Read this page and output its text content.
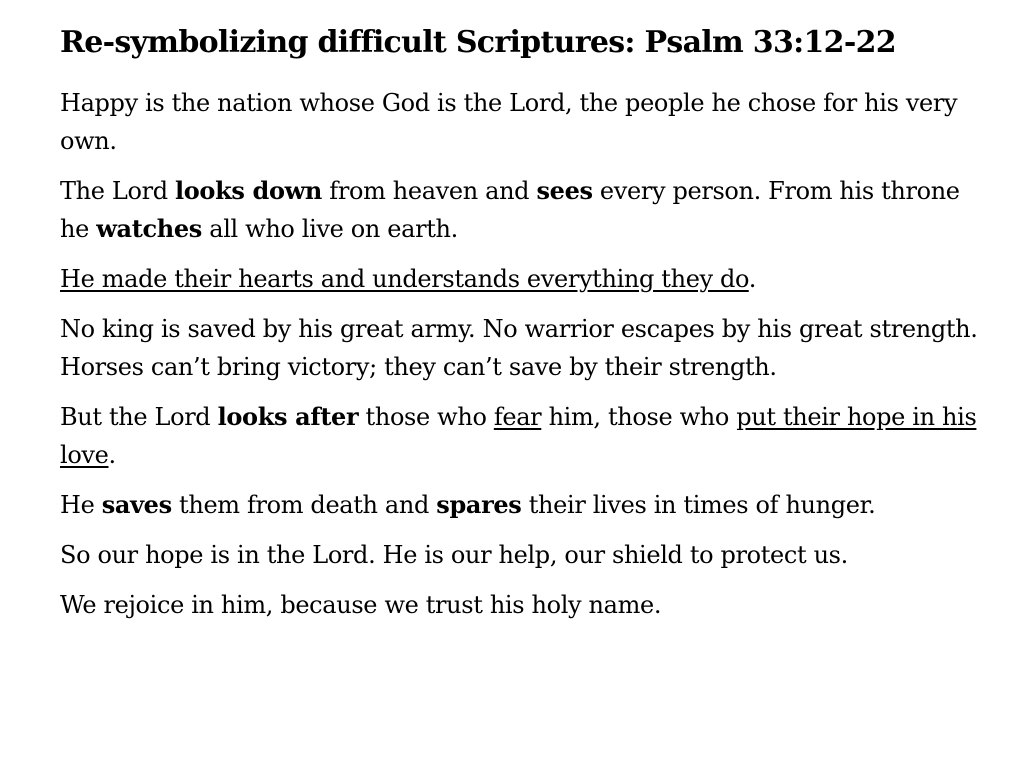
Re-symbolizing difficult Scriptures: Psalm 33:12-22

Happy is the nation whose God is the Lord, the people he chose for his very own.

The Lord looks down from heaven and sees every person. From his throne he watches all who live on earth.

He made their hearts and understands everything they do.

No king is saved by his great army. No warrior escapes by his great strength. Horses can’t bring victory; they can’t save by their strength.

But the Lord looks after those who fear him, those who put their hope in his love.

He saves them from death and spares their lives in times of hunger.

So our hope is in the Lord. He is our help, our shield to protect us.

We rejoice in him, because we trust his holy name.
